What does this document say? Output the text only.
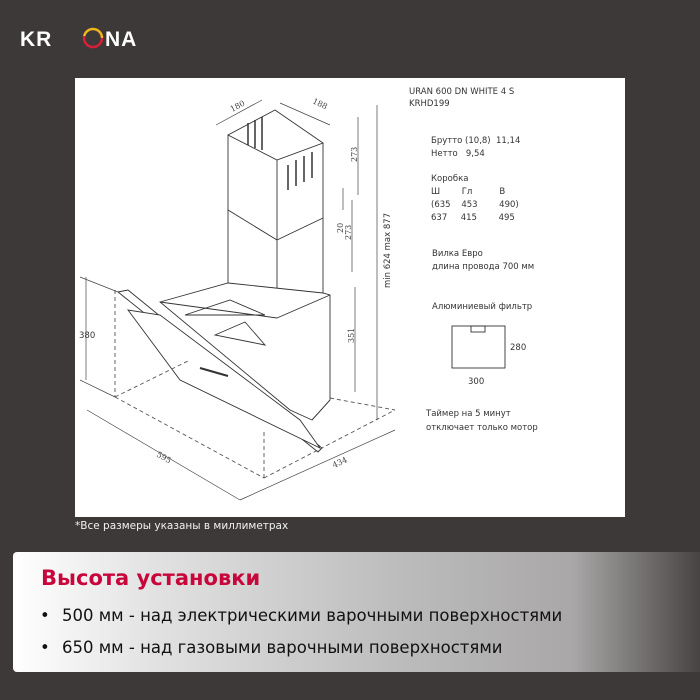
KR	NA
180	188
273
20 273
351
595	434
380
min 624 max 877
URAN 600 DN WHITE 4 S
KRHD199
Брутто (10,8)  11,14
Нетто   9,54
Коробка
Ш        Гл          В
(635    453        490)
637     415        495
Вилка Евро
длина провода 700 мм
Алюминиевый фильтр
280
300
Таймер на 5 минут
отключает только мотор
*Все размеры указаны в миллиметрах
Высота установки
• 500 мм - над электрическими варочными поверхностями
• 650 мм - над газовыми варочными поверхностями
